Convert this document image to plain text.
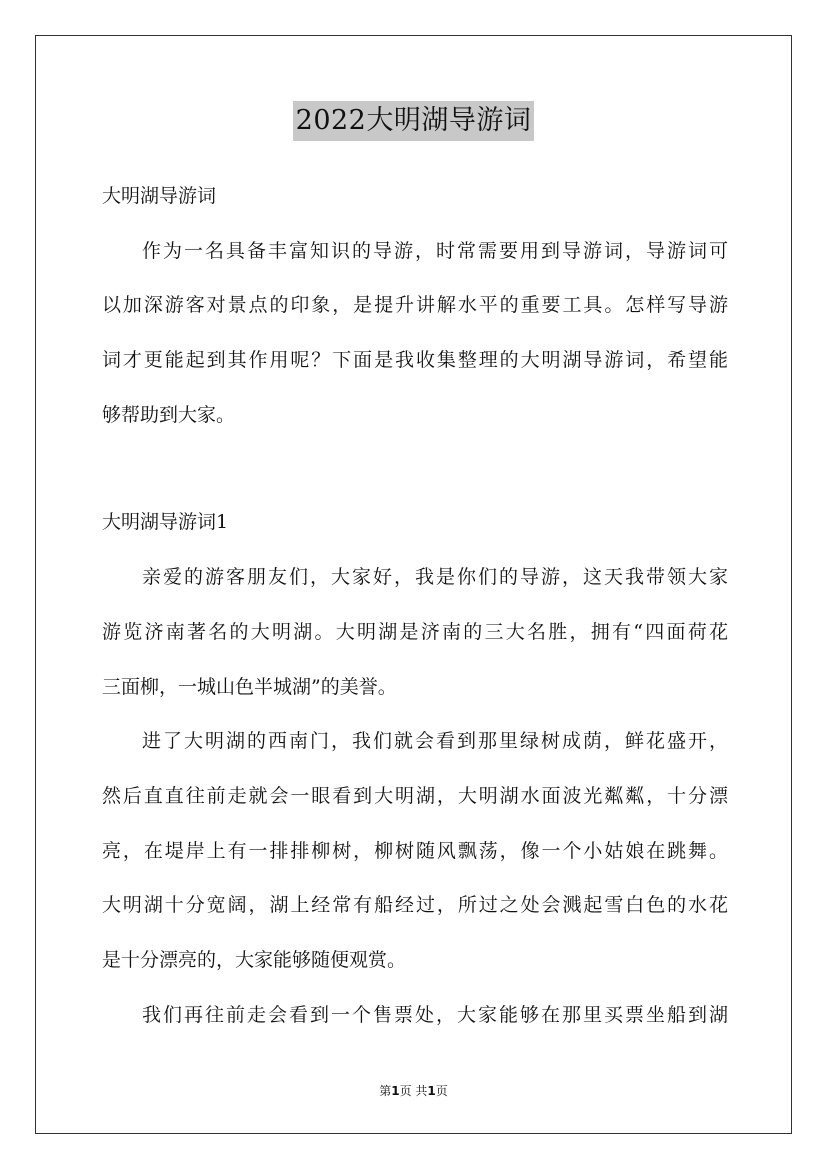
2022大明湖导游词
大明湖导游词
作为一名具备丰富知识的导游，时常需要用到导游词，导游词可
以加深游客对景点的印象，是提升讲解水平的重要工具。怎样写导游
词才更能起到其作用呢？下面是我收集整理的大明湖导游词，希望能
够帮助到大家。
大明湖导游词1
亲爱的游客朋友们，大家好，我是你们的导游，这天我带领大家
游览济南著名的大明湖。大明湖是济南的三大名胜，拥有“四面荷花
三面柳，一城山色半城湖”的美誉。
进了大明湖的西南门，我们就会看到那里绿树成荫，鲜花盛开，
然后直直往前走就会一眼看到大明湖，大明湖水面波光粼粼，十分漂
亮，在堤岸上有一排排柳树，柳树随风飘荡，像一个小姑娘在跳舞。
大明湖十分宽阔，湖上经常有船经过，所过之处会溅起雪白色的水花
是十分漂亮的，大家能够随便观赏。
我们再往前走会看到一个售票处，大家能够在那里买票坐船到湖
第1页 共1页
